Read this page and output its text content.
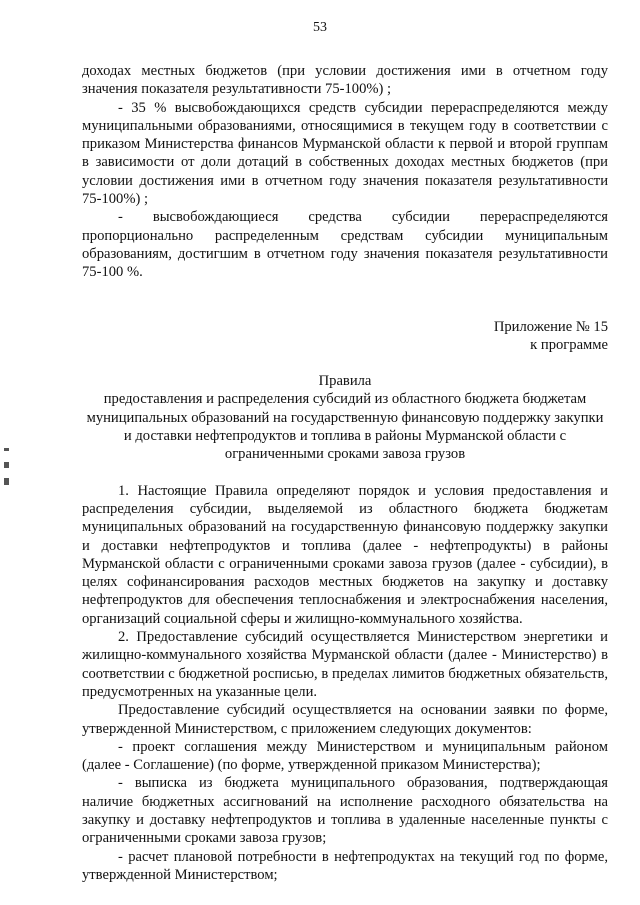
53

доходах местных бюджетов (при условии достижения ими в отчетном году значения показателя результативности 75-100%) ;

- 35 % высвобождающихся средств субсидии перераспределяются между муниципальными образованиями, относящимися в текущем году в соответствии с приказом Министерства финансов Мурманской области к первой и второй группам в зависимости от доли дотаций в собственных доходах местных бюджетов (при условии достижения ими в отчетном году значения показателя результативности 75-100%) ;

- высвобождающиеся средства субсидии перераспределяются пропорционально распределенным средствам субсидии муниципальным образованиям, достигшим в отчетном году значения показателя результативности 75-100 %.

Приложение № 15
к программе
Правила
предоставления и распределения субсидий из областного бюджета бюджетам муниципальных образований на государственную финансовую поддержку закупки и доставки нефтепродуктов и топлива в районы Мурманской области с ограниченными сроками завоза грузов

1. Настоящие Правила определяют порядок и условия предоставления и распределения субсидии, выделяемой из областного бюджета бюджетам муниципальных образований на государственную финансовую поддержку закупки и доставки нефтепродуктов и топлива (далее - нефтепродукты) в районы Мурманской области с ограниченными сроками завоза грузов (далее - субсидии), в целях софинансирования расходов местных бюджетов на закупку и доставку нефтепродуктов для обеспечения теплоснабжения и электроснабжения населения, организаций социальной сферы и жилищно-коммунального хозяйства.

2. Предоставление субсидий осуществляется Министерством энергетики и жилищно-коммунального хозяйства Мурманской области (далее - Министерство) в соответствии с бюджетной росписью, в пределах лимитов бюджетных обязательств, предусмотренных на указанные цели.

Предоставление субсидий осуществляется на основании заявки по форме, утвержденной Министерством, с приложением следующих документов:

- проект соглашения между Министерством и муниципальным районом (далее - Соглашение) (по форме, утвержденной приказом Министерства);

- выписка из бюджета муниципального образования, подтверждающая наличие бюджетных ассигнований на исполнение расходного обязательства на закупку и доставку нефтепродуктов и топлива в удаленные населенные пункты с ограниченными сроками завоза грузов;

- расчет плановой потребности в нефтепродуктах на текущий год по форме, утвержденной Министерством;
